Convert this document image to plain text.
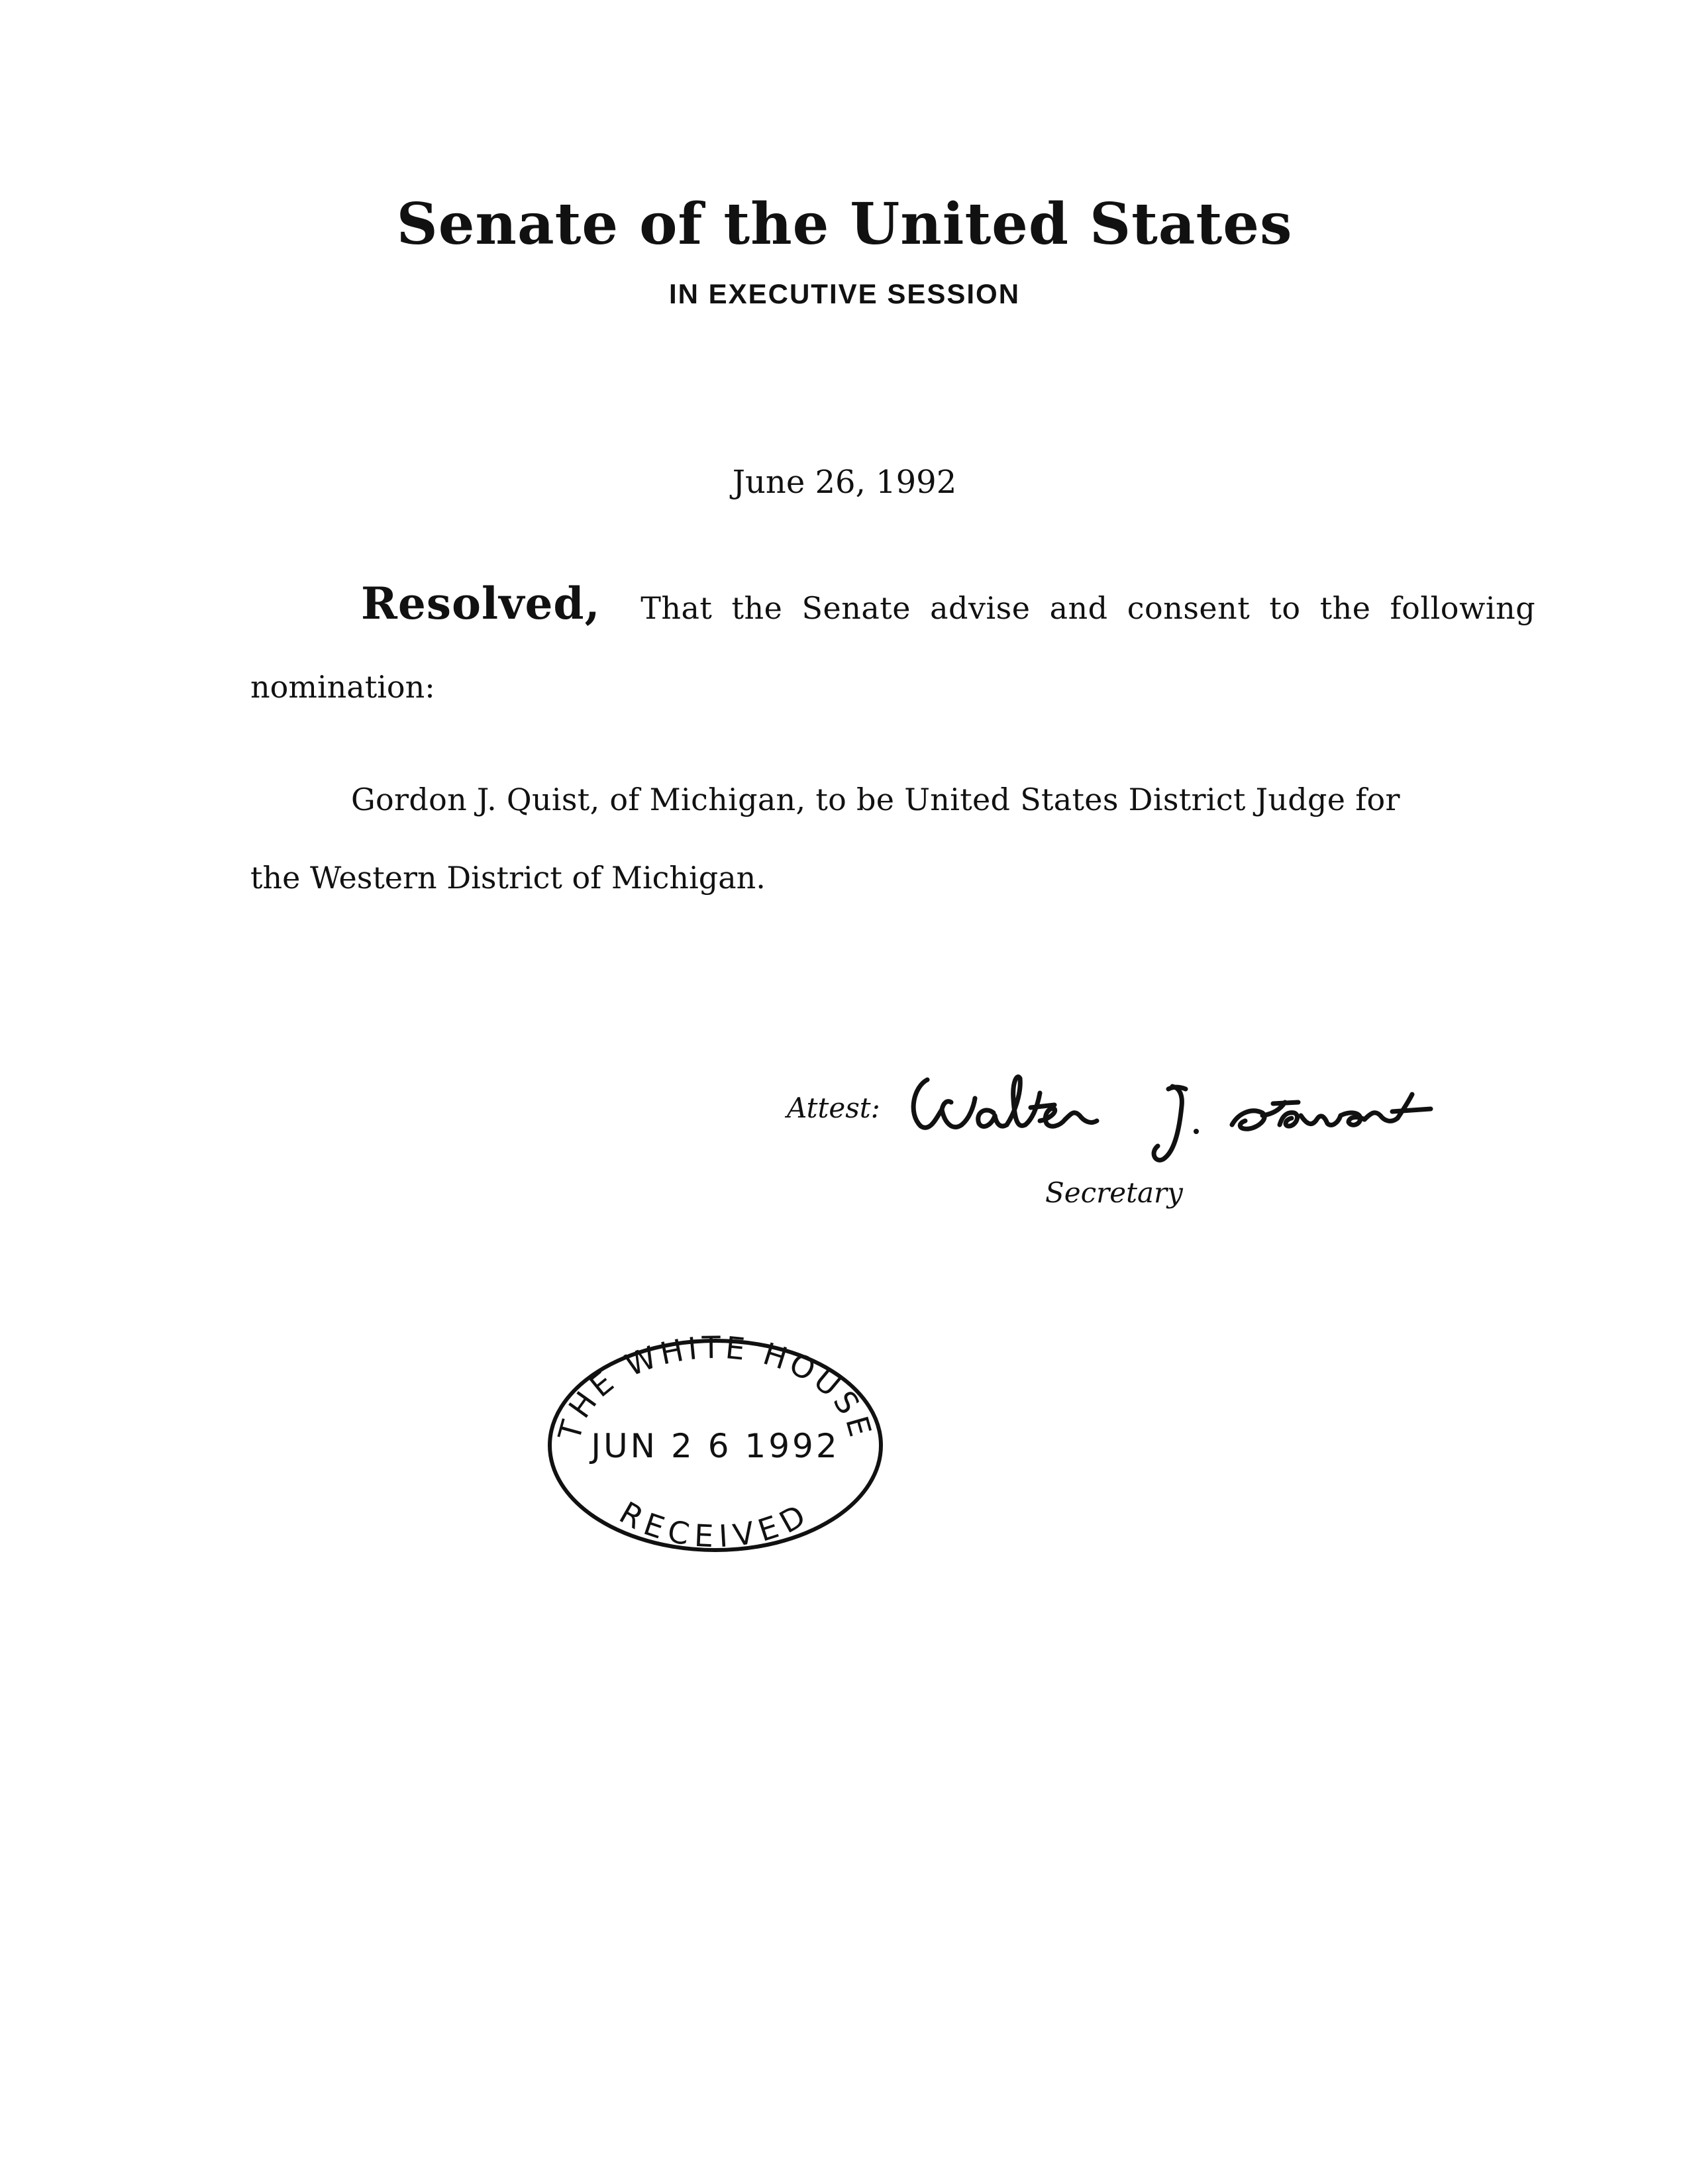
Senate of the United States
IN EXECUTIVE SESSION
June 26, 1992
Resolved, That the Senate advise and consent to the following
nomination:
Gordon J. Quist, of Michigan, to be United States District Judge for
the Western District of Michigan.
Attest:
Secretary
THE WHITE HOUSE
JUN 2 6 1992
RECEIVED
